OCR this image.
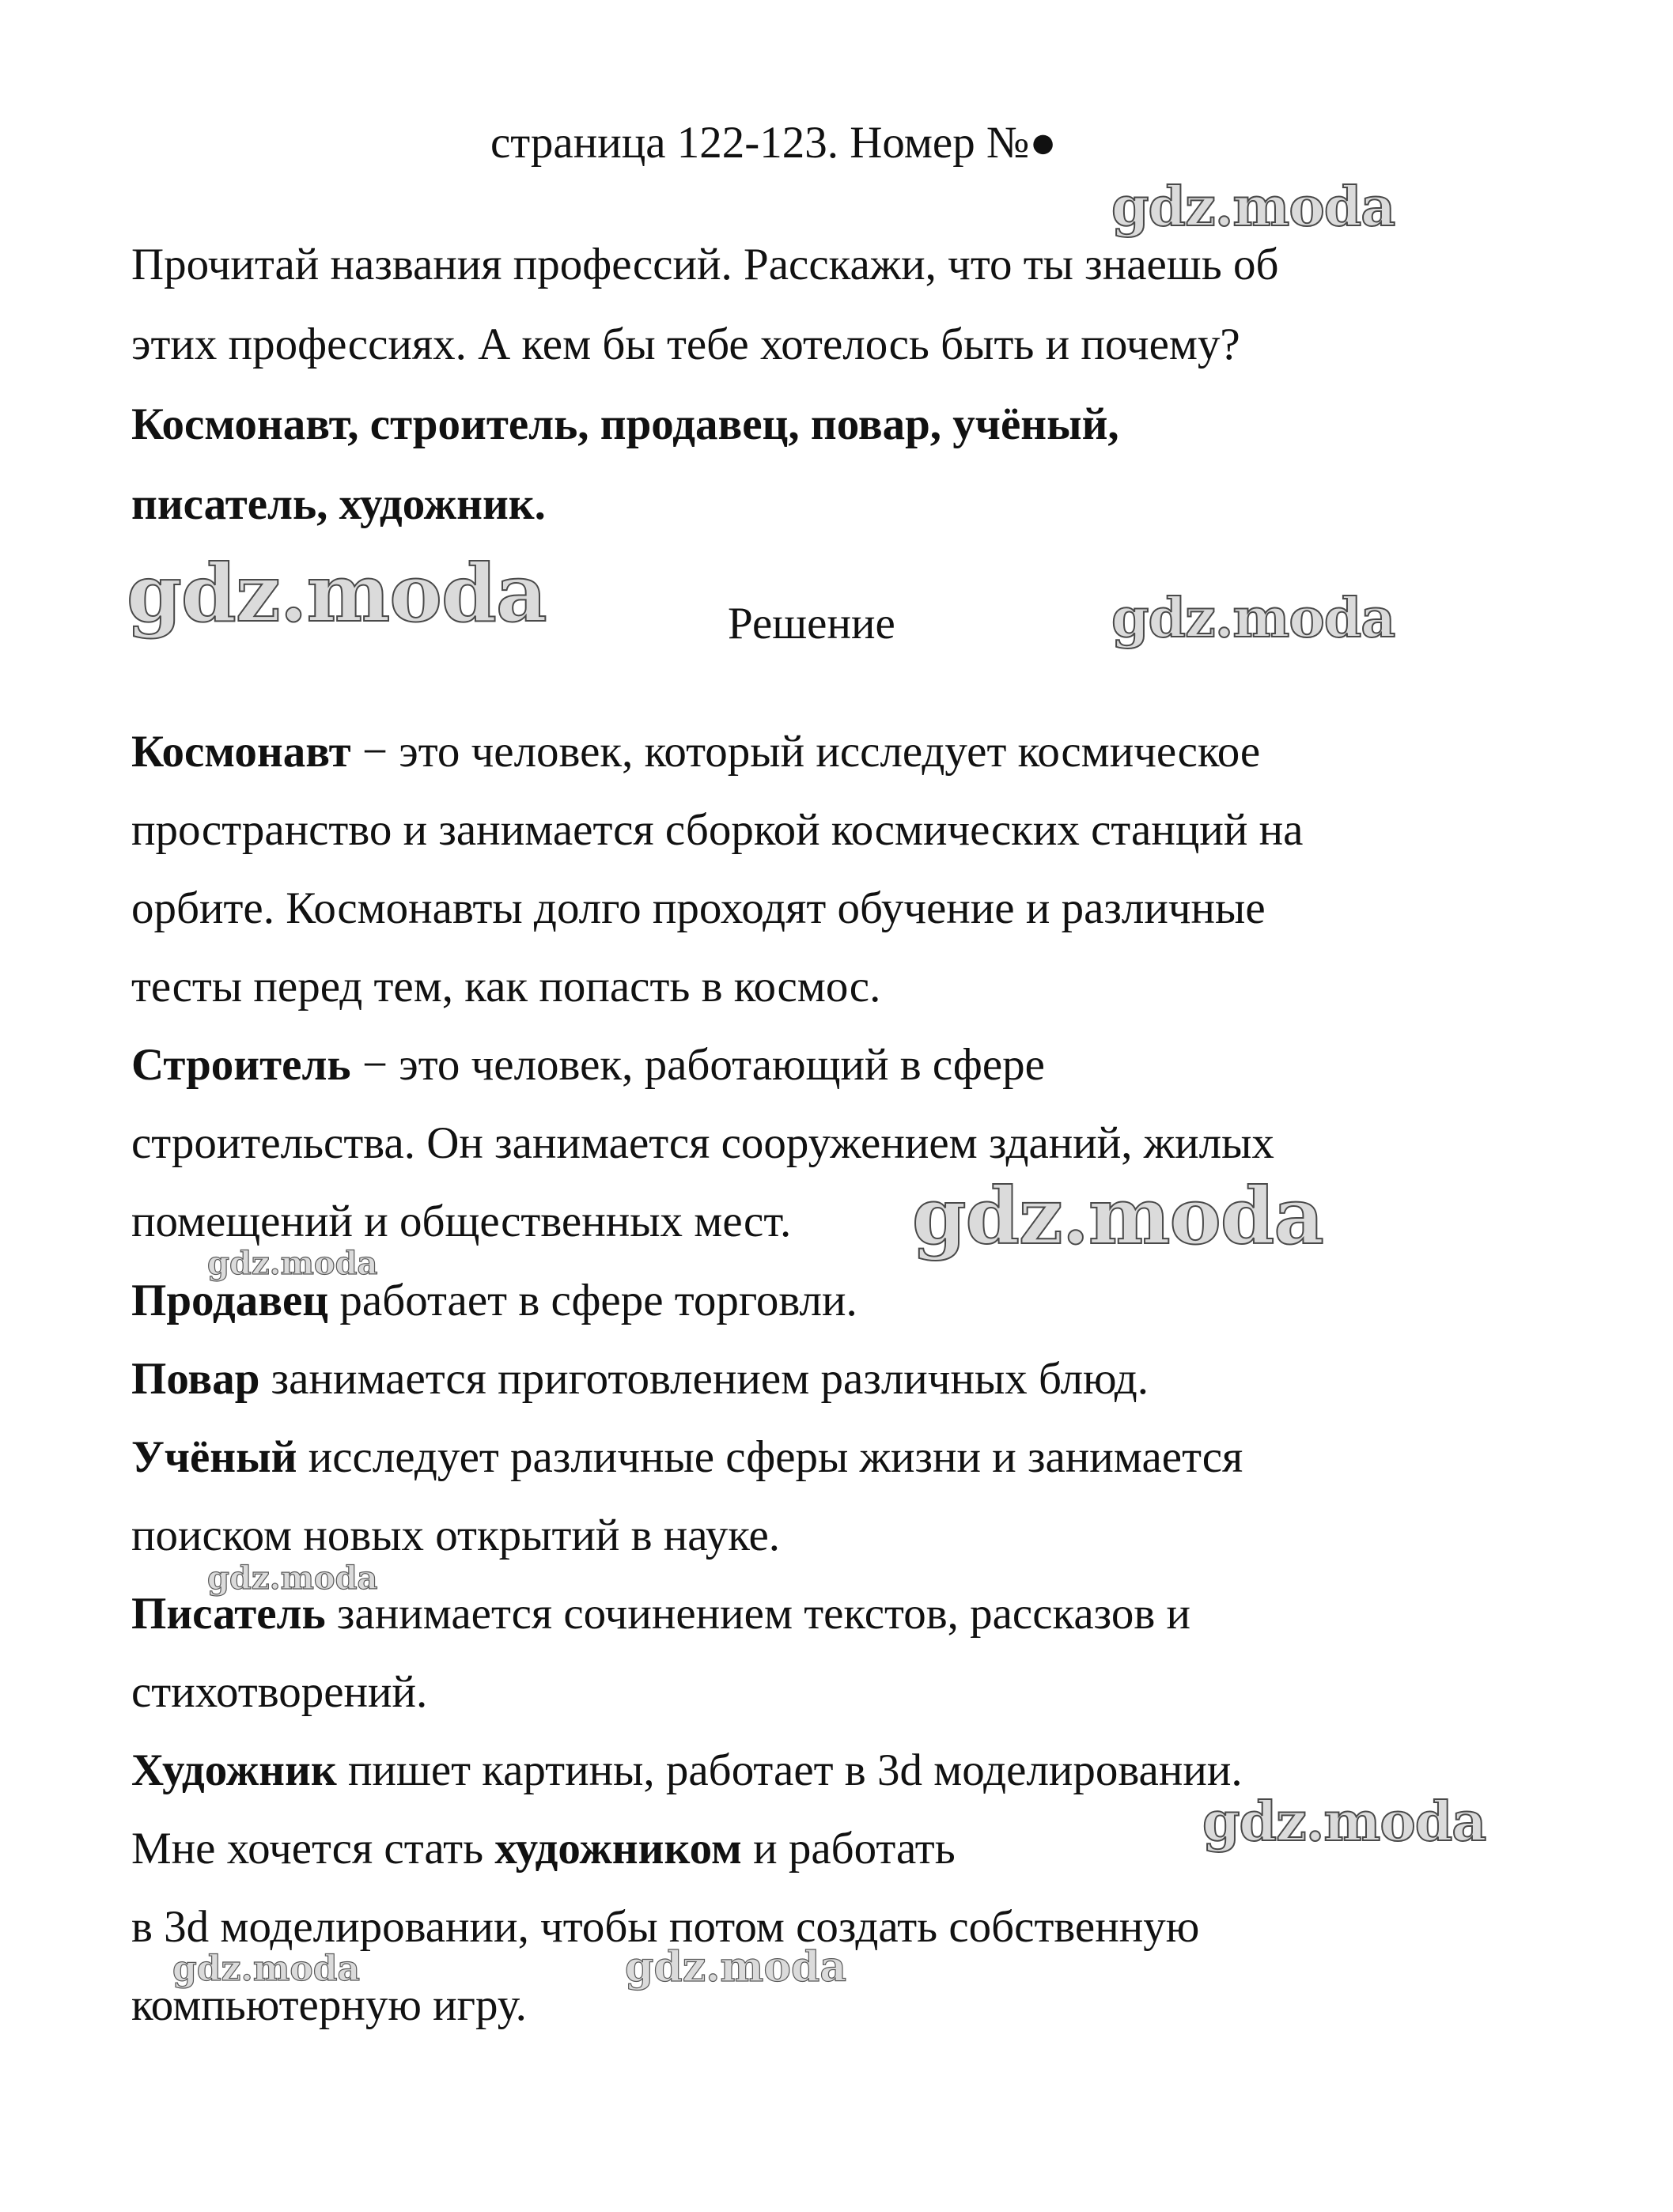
страница 122-123. Номер №●
Прочитай названия профессий. Расскажи, что ты знаешь об
этих профессиях. А кем бы тебе хотелось быть и почему?
Космонавт, строитель, продавец, повар, учёный,
писатель, художник.
Решение
Космонавт − это человек, который исследует космическое
пространство и занимается сборкой космических станций на
орбите. Космонавты долго проходят обучение и различные
тесты перед тем, как попасть в космос.
Строитель − это человек, работающий в сфере
строительства. Он занимается сооружением зданий, жилых
помещений и общественных мест.
Продавец работает в сфере торговли.
Повар занимается приготовлением различных блюд.
Учёный исследует различные сферы жизни и занимается
поиском новых открытий в науке.
Писатель занимается сочинением текстов, рассказов и
стихотворений.
Художник пишет картины, работает в 3d моделировании.
Мне хочется стать художником и работать
в 3d моделировании, чтобы потом создать собственную
компьютерную игру.
gdz.moda
gdz.moda	gdz.moda
gdz.moda
gdz.moda
gdz.moda
gdz.moda
gdz.moda	gdz.moda
